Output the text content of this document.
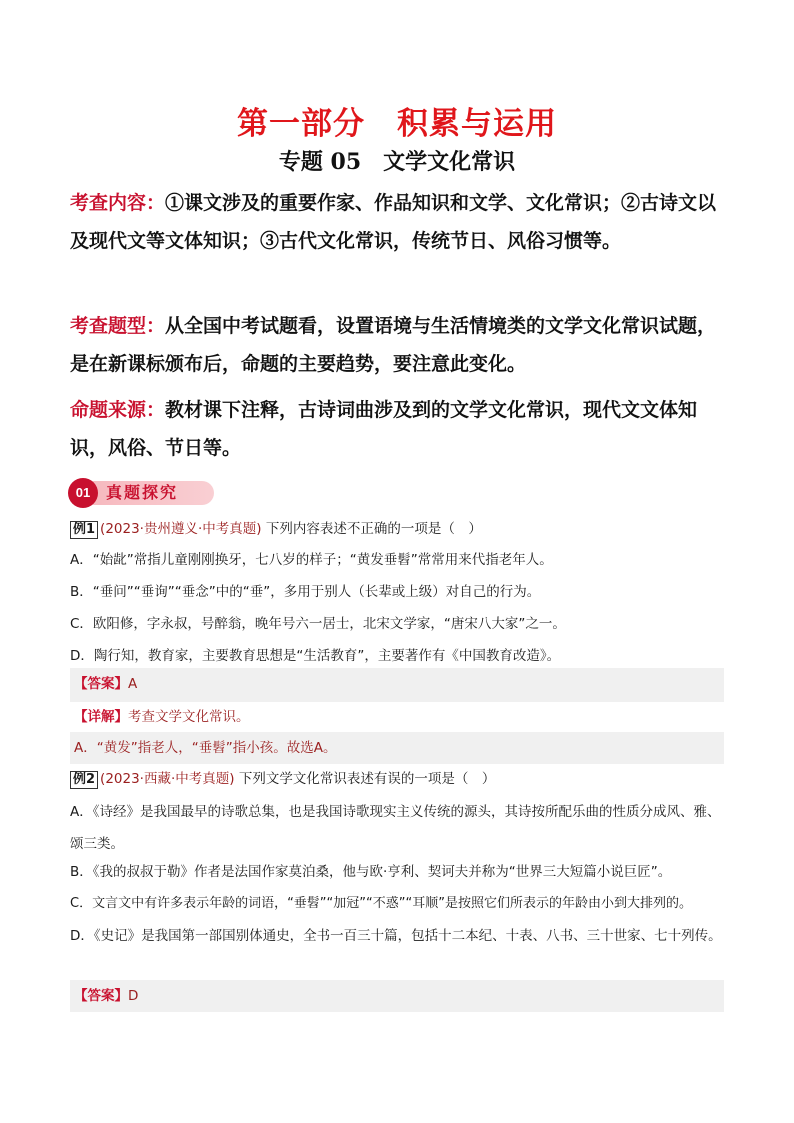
第一部分　积累与运用
专题 05　文学文化常识
考查内容：①课文涉及的重要作家、作品知识和文学、文化常识；②古诗文以及现代文等文体知识；③古代文化常识，传统节日、风俗习惯等。
考查题型：从全国中考试题看，设置语境与生活情境类的文学文化常识试题，是在新课标颁布后，命题的主要趋势，要注意此变化。
命题来源：教材课下注释，古诗词曲涉及到的文学文化常识，现代文文体知识，风俗、节日等。
01 真题探究
例1 (2023·贵州遵义·中考真题) 下列内容表述不正确的一项是（　）
A．“始龀”常指儿童刚刚换牙，七八岁的样子；“黄发垂髫”常常用来代指老年人。
B．“垂问”“垂询”“垂念”中的“垂”，多用于别人（长辈或上级）对自己的行为。
C．欧阳修，字永叔，号醉翁，晚年号六一居士，北宋文学家，“唐宋八大家”之一。
D．陶行知，教育家，主要教育思想是“生活教育”，主要著作有《中国教育改造》。
【答案】A
【详解】考查文学文化常识。
A．“黄发”指老人，“垂髫”指小孩。故选A。
例2 (2023·西藏·中考真题) 下列文学文化常识表述有误的一项是（　）
A．《诗经》是我国最早的诗歌总集，也是我国诗歌现实主义传统的源头，其诗按所配乐曲的性质分成风、雅、颂三类。
B．《我的叔叔于勒》作者是法国作家莫泊桑，他与欧·亨利、契诃夫并称为“世界三大短篇小说巨匠”。
C．文言文中有许多表示年龄的词语，“垂髫”“加冠”“不惑”“耳顺”是按照它们所表示的年龄由小到大排列的。
D．《史记》是我国第一部国别体通史，全书一百三十篇，包括十二本纪、十表、八书、三十世家、七十列传。
【答案】D
